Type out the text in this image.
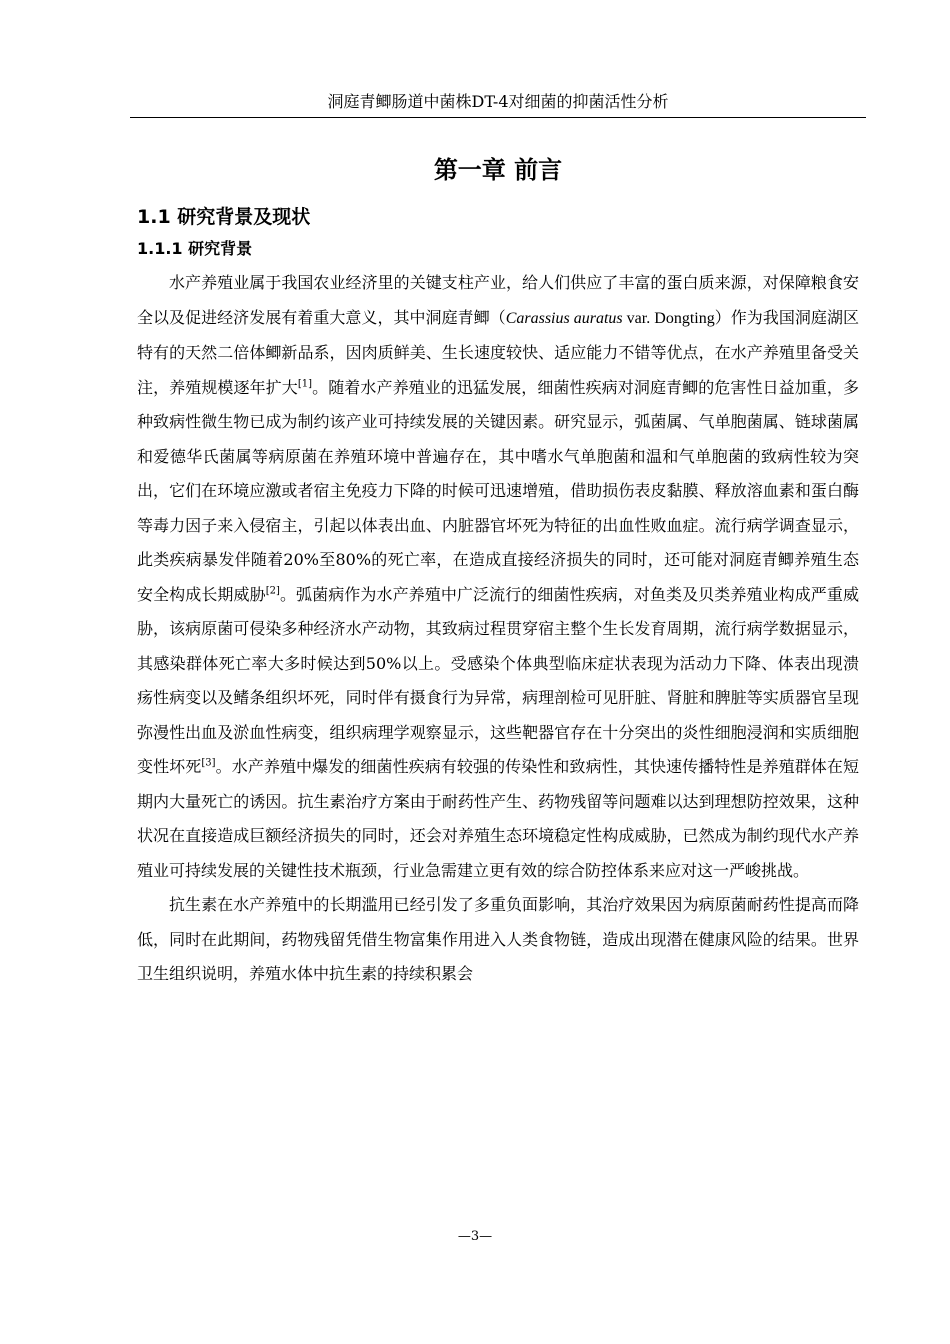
洞庭青鲫肠道中菌株DT-4对细菌的抑菌活性分析
第一章 前言
1.1 研究背景及现状
1.1.1 研究背景

水产养殖业属于我国农业经济里的关键支柱产业，给人们供应了丰富的蛋白质来源，对保障粮食安全以及促进经济发展有着重大意义，其中洞庭青鲫（Carassius auratus var. Dongting）作为我国洞庭湖区特有的天然二倍体鲫新品系，因肉质鲜美、生长速度较快、适应能力不错等优点，在水产养殖里备受关注，养殖规模逐年扩大[1]。随着水产养殖业的迅猛发展，细菌性疾病对洞庭青鲫的危害性日益加重，多种致病性微生物已成为制约该产业可持续发展的关键因素。研究显示，弧菌属、气单胞菌属、链球菌属和爱德华氏菌属等病原菌在养殖环境中普遍存在，其中嗜水气单胞菌和温和气单胞菌的致病性较为突出，它们在环境应激或者宿主免疫力下降的时候可迅速增殖，借助损伤表皮黏膜、释放溶血素和蛋白酶等毒力因子来入侵宿主，引起以体表出血、内脏器官坏死为特征的出血性败血症。流行病学调查显示，此类疾病暴发伴随着20%至80%的死亡率，在造成直接经济损失的同时，还可能对洞庭青鲫养殖生态安全构成长期威胁[2]。弧菌病作为水产养殖中广泛流行的细菌性疾病，对鱼类及贝类养殖业构成严重威胁，该病原菌可侵染多种经济水产动物，其致病过程贯穿宿主整个生长发育周期，流行病学数据显示，其感染群体死亡率大多时候达到50%以上。受感染个体典型临床症状表现为活动力下降、体表出现溃疡性病变以及鳍条组织坏死，同时伴有摄食行为异常，病理剖检可见肝脏、肾脏和脾脏等实质器官呈现弥漫性出血及淤血性病变，组织病理学观察显示，这些靶器官存在十分突出的炎性细胞浸润和实质细胞变性坏死[3]。水产养殖中爆发的细菌性疾病有较强的传染性和致病性，其快速传播特性是养殖群体在短期内大量死亡的诱因。抗生素治疗方案由于耐药性产生、药物残留等问题难以达到理想防控效果，这种状况在直接造成巨额经济损失的同时，还会对养殖生态环境稳定性构成威胁，已然成为制约现代水产养殖业可持续发展的关键性技术瓶颈，行业急需建立更有效的综合防控体系来应对这一严峻挑战。

抗生素在水产养殖中的长期滥用已经引发了多重负面影响，其治疗效果因为病原菌耐药性提高而降低，同时在此期间，药物残留凭借生物富集作用进入人类食物链，造成出现潜在健康风险的结果。世界卫生组织说明，养殖水体中抗生素的持续积累会

—3—
